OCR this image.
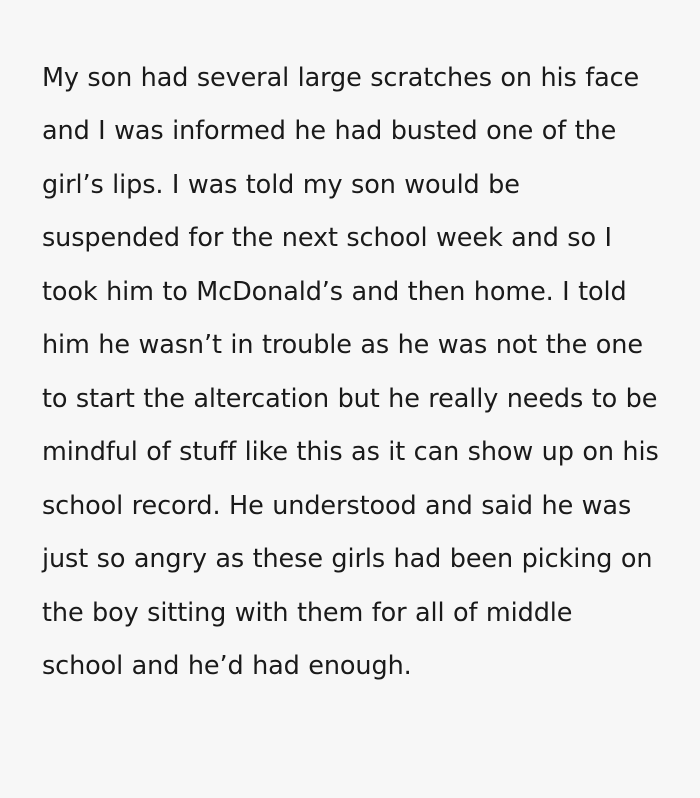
My son had several large scratches on his face and I was informed he had busted one of the girl’s lips. I was told my son would be suspended for the next school week and so I took him to McDonald’s and then home. I told him he wasn’t in trouble as he was not the one to start the altercation but he really needs to be mindful of stuff like this as it can show up on his school record. He understood and said he was just so angry as these girls had been picking on the boy sitting with them for all of middle school and he’d had enough.
